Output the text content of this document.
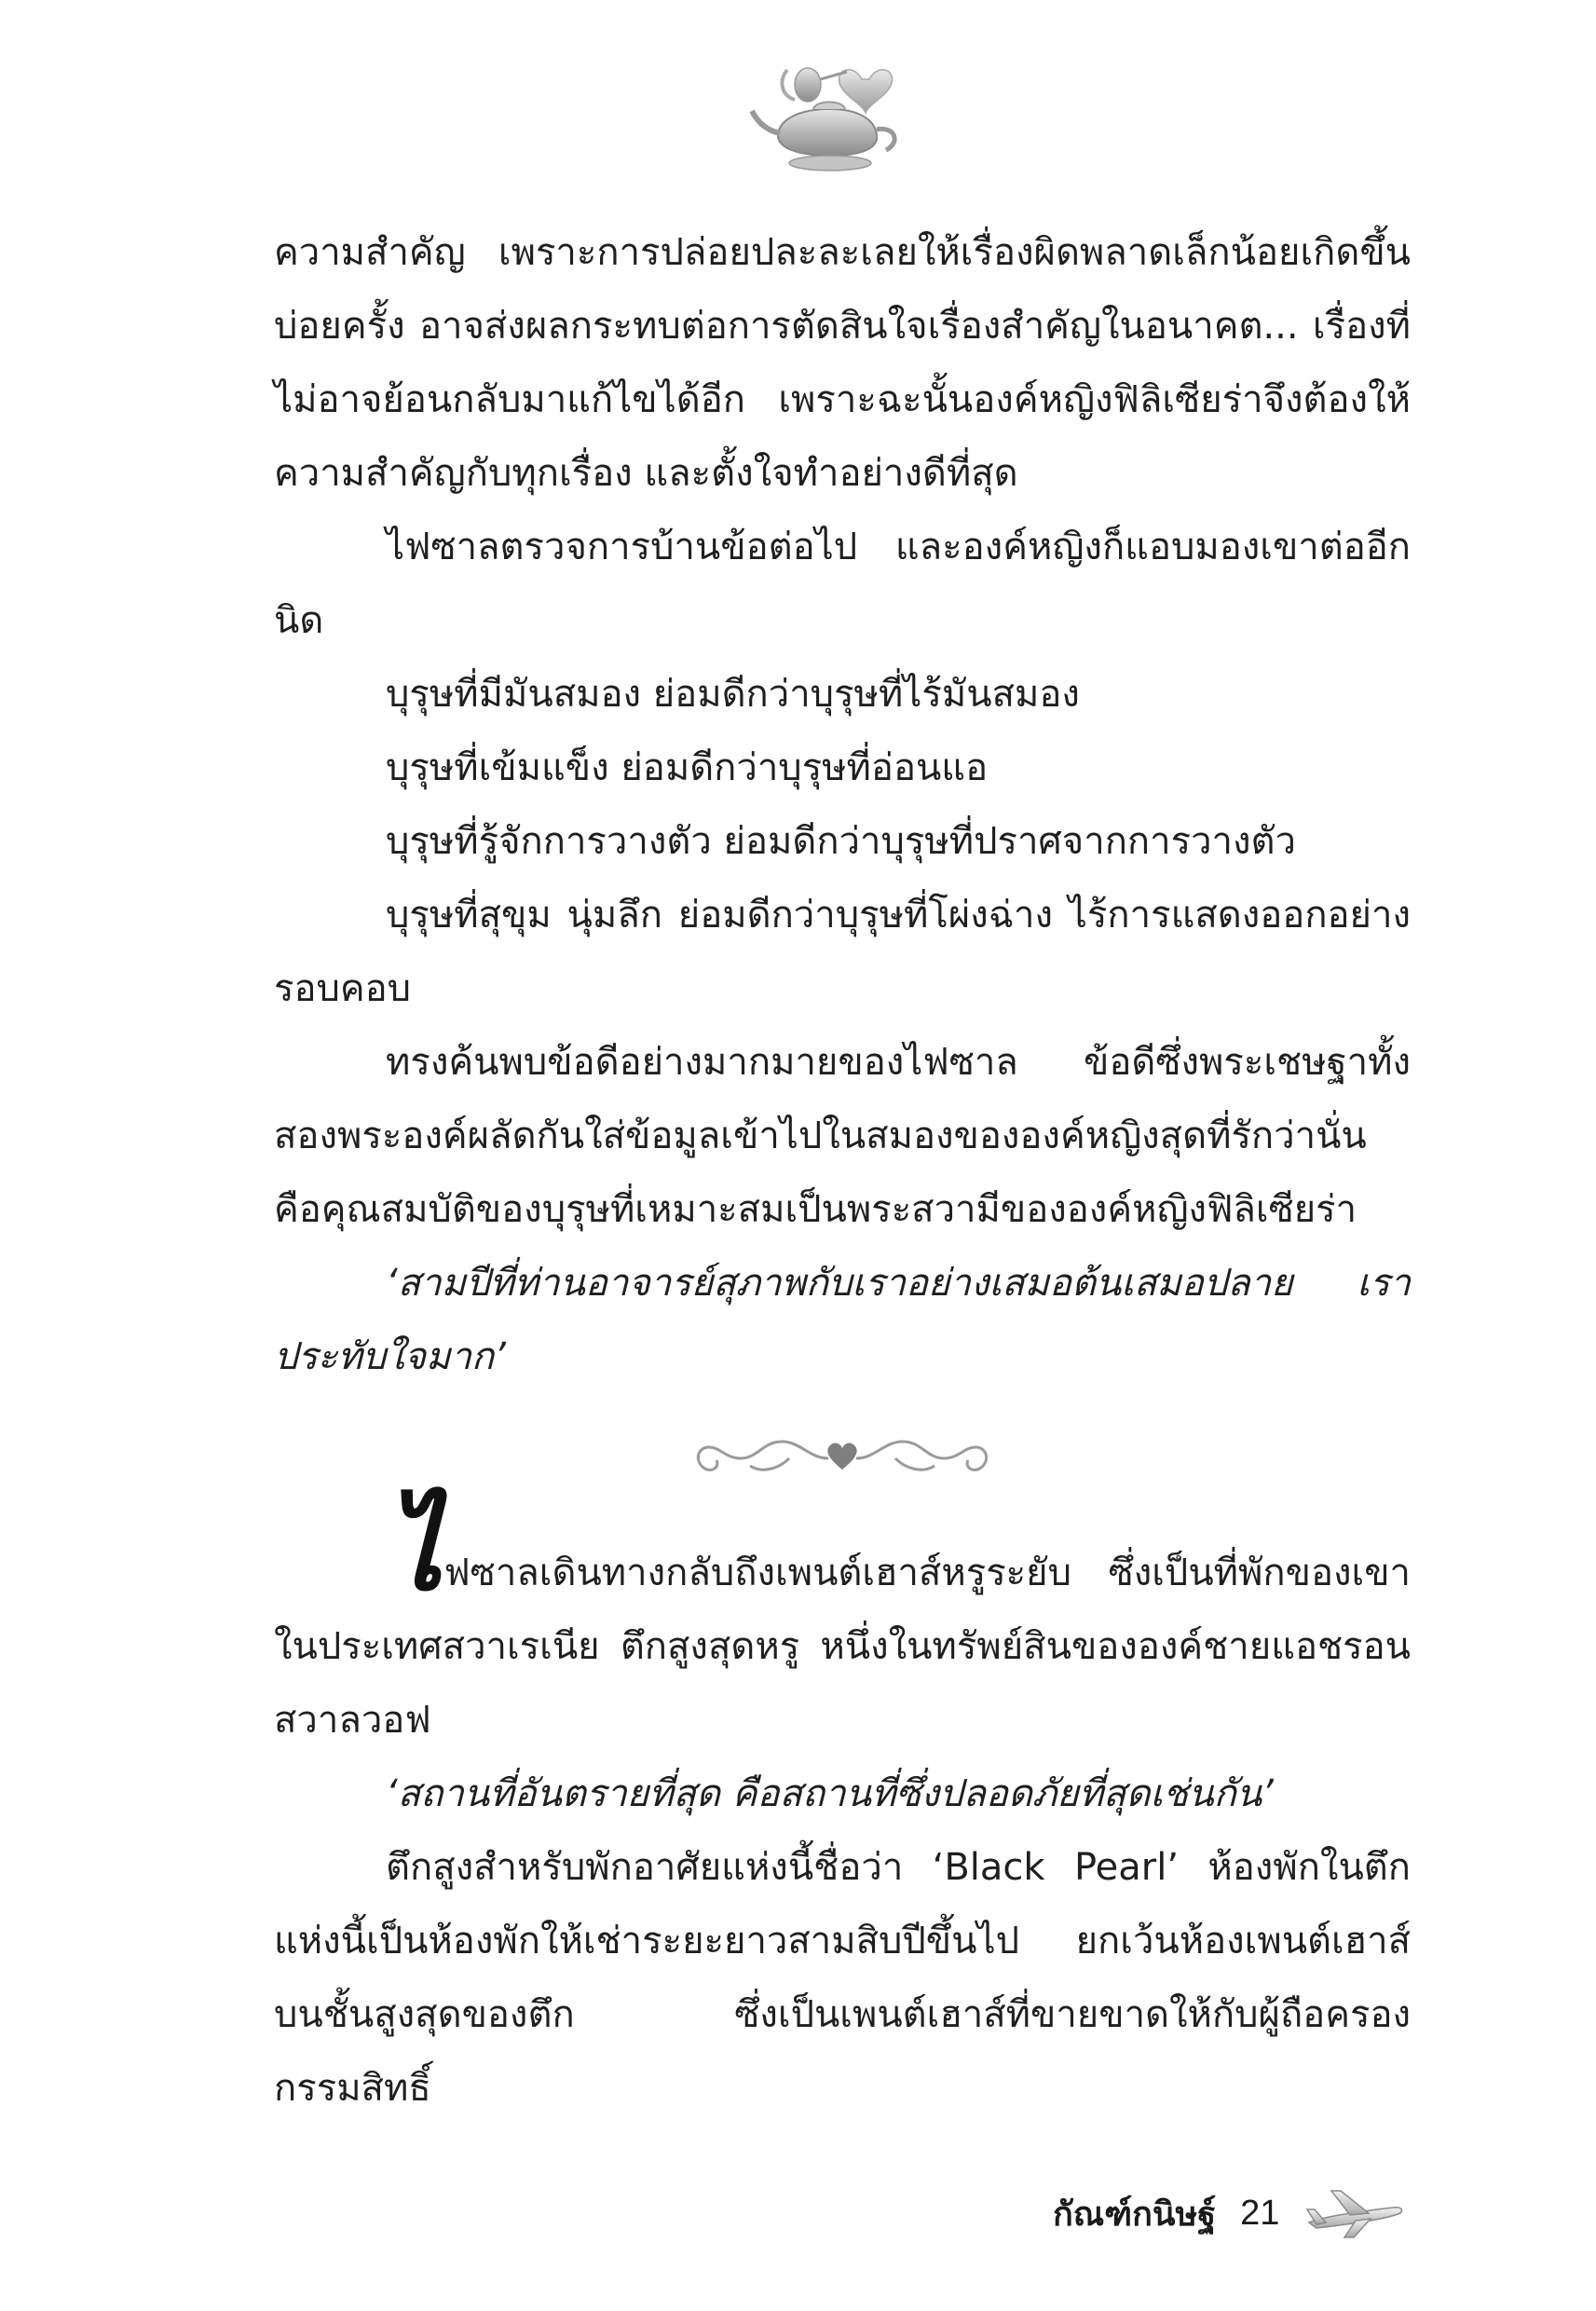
ความสำคัญ เพราะการปล่อยปละละเลยให้เรื่องผิดพลาดเล็กน้อยเกิดขึ้นบ่อยครั้ง อาจส่งผลกระทบต่อการตัดสินใจเรื่องสำคัญในอนาคต... เรื่องที่ไม่อาจย้อนกลับมาแก้ไขได้อีก เพราะฉะนั้นองค์หญิงฟิลิเซียร่าจึงต้องให้ความสำคัญกับทุกเรื่อง และตั้งใจทำอย่างดีที่สุด

ไฟซาลตรวจการบ้านข้อต่อไป และองค์หญิงก็แอบมองเขาต่ออีกนิด

บุรุษที่มีมันสมอง ย่อมดีกว่าบุรุษที่ไร้มันสมอง

บุรุษที่เข้มแข็ง ย่อมดีกว่าบุรุษที่อ่อนแอ

บุรุษที่รู้จักการวางตัว ย่อมดีกว่าบุรุษที่ปราศจากการวางตัว

บุรุษที่สุขุม นุ่มลึก ย่อมดีกว่าบุรุษที่โผ่งฉ่าง ไร้การแสดงออกอย่างรอบคอบ

ทรงค้นพบข้อดีอย่างมากมายของไฟซาล ข้อดีซึ่งพระเชษฐาทั้งสองพระองค์ผลัดกันใส่ข้อมูลเข้าไปในสมองขององค์หญิงสุดที่รักว่านั่นคือคุณสมบัติของบุรุษที่เหมาะสมเป็นพระสวามีขององค์หญิงฟิลิเซียร่า

‘สามปีที่ท่านอาจารย์สุภาพกับเราอย่างเสมอต้นเสมอปลาย เราประทับใจมาก’

ไฟซาลเดินทางกลับถึงเพนต์เฮาส์หรูระยับ ซึ่งเป็นที่พักของเขาในประเทศสวาเรเนีย ตึกสูงสุดหรู หนึ่งในทรัพย์สินขององค์ชายแอชรอนสวาลวอฟ

‘สถานที่อันตรายที่สุด คือสถานที่ซึ่งปลอดภัยที่สุดเช่นกัน’

ตึกสูงสำหรับพักอาศัยแห่งนี้ชื่อว่า ‘Black Pearl’ ห้องพักในตึกแห่งนี้เป็นห้องพักให้เช่าระยะยาวสามสิบปีขึ้นไป ยกเว้นห้องเพนต์เฮาส์บนชั้นสูงสุดของตึก ซึ่งเป็นเพนต์เฮาส์ที่ขายขาดให้กับผู้ถือครองกรรมสิทธิ์

กัณฑ์กนิษฐ์ 21
